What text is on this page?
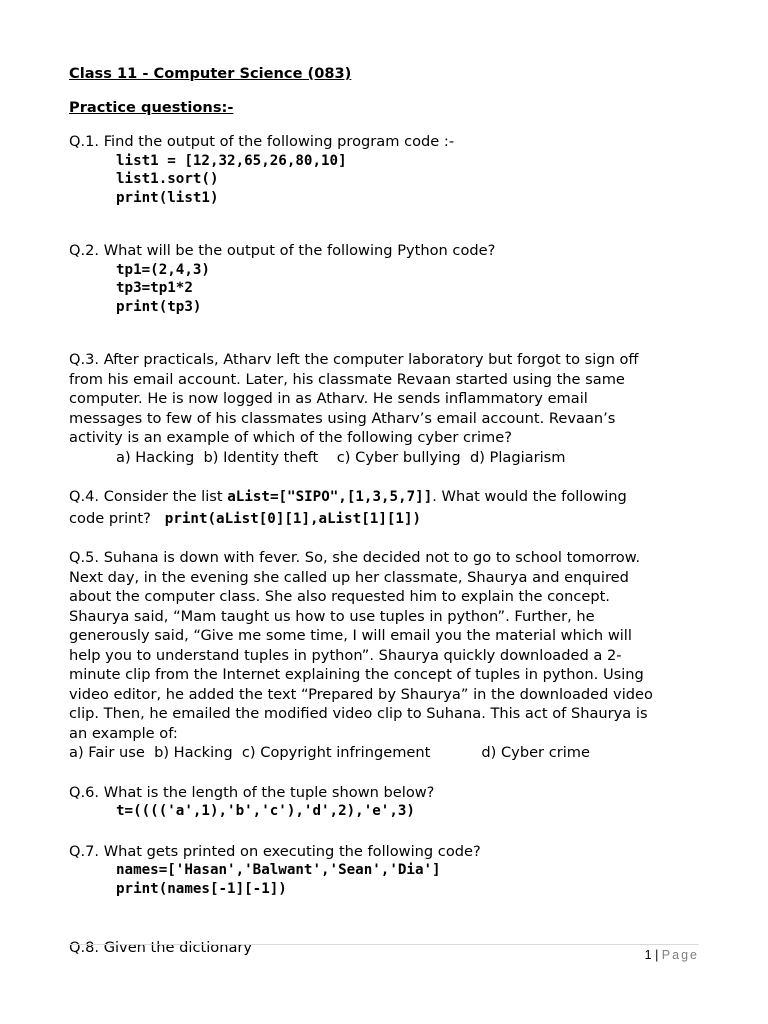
Class 11 - Computer Science (083)
Practice questions:-
Q.1. Find the output of the following program code :-
list1 = [12,32,65,26,80,10]
list1.sort()
print(list1)
Q.2. What will be the output of the following Python code?
tp1=(2,4,3)
tp3=tp1*2
print(tp3)
Q.3. After practicals, Atharv left the computer laboratory but forgot to sign off
from his email account. Later, his classmate Revaan started using the same
computer. He is now logged in as Atharv. He sends inflammatory email
messages to few of his classmates using Atharv’s email account. Revaan’s
activity is an example of which of the following cyber crime?
a) Hacking  b) Identity theft    c) Cyber bullying  d) Plagiarism
Q.4. Consider the list aList=["SIPO",[1,3,5,7]]. What would the following
code print?   print(aList[0][1],aList[1][1])
Q.5. Suhana is down with fever. So, she decided not to go to school tomorrow.
Next day, in the evening she called up her classmate, Shaurya and enquired
about the computer class. She also requested him to explain the concept.
Shaurya said, “Mam taught us how to use tuples in python”. Further, he
generously said, “Give me some time, I will email you the material which will
help you to understand tuples in python”. Shaurya quickly downloaded a 2-
minute clip from the Internet explaining the concept of tuples in python. Using
video editor, he added the text “Prepared by Shaurya” in the downloaded video
clip. Then, he emailed the modified video clip to Suhana. This act of Shaurya is
an example of:
a) Fair use  b) Hacking  c) Copyright infringement           d) Cyber crime
Q.6. What is the length of the tuple shown below?
t=(((('a',1),'b','c'),'d',2),'e',3)
Q.7. What gets printed on executing the following code?
names=['Hasan','Balwant','Sean','Dia']
print(names[-1][-1])
Q.8. Given the dictionary	1 | Page
